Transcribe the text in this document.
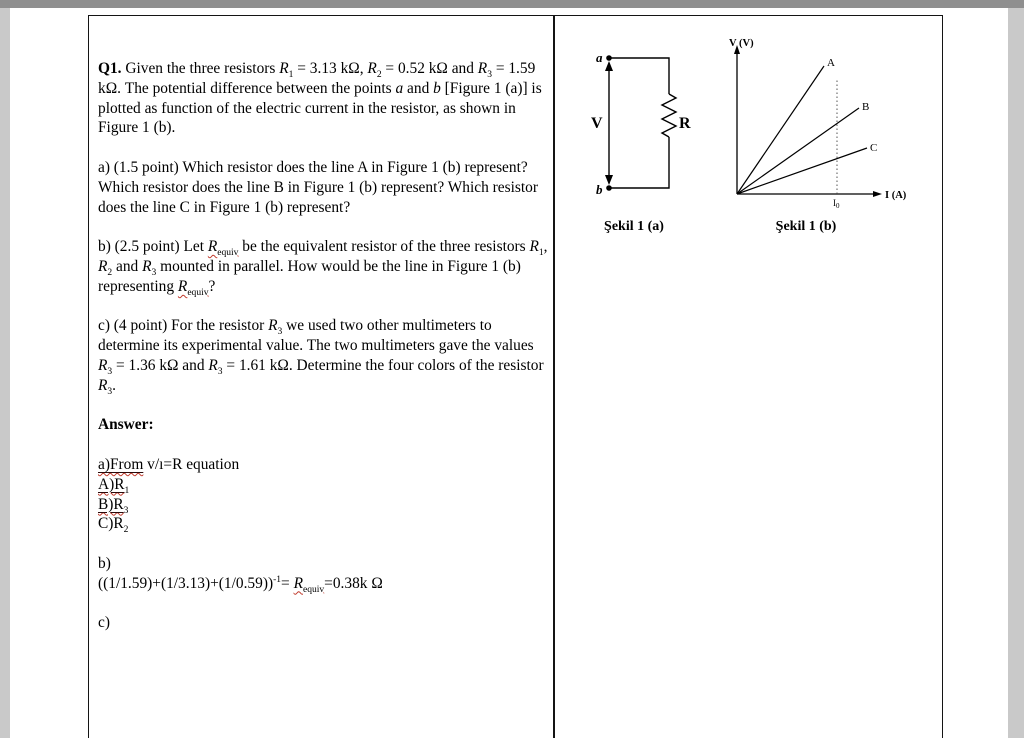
Q1. Given the three resistors $R_1 = 3.13$ kΩ, $R_2 = 0.52$ kΩ and $R_3 = 1.59$ kΩ. The potential difference between the points a and b [Figure 1 (a)] is plotted as function of the electric current in the resistor, as shown in Figure 1 (b).
a) (1.5 point) Which resistor does the line A in Figure 1 (b) represent? Which resistor does the line B in Figure 1 (b) represent? Which resistor does the line C in Figure 1 (b) represent?
b) (2.5 point) Let $R_{equiv}$ be the equivalent resistor of the three resistors $R_1$, $R_2$ and $R_3$ mounted in parallel. How would be the line in Figure 1 (b) representing $R_{equiv}$?
c) (4 point) For the resistor $R_3$ we used two other multimeters to determine its experimental value. The two multimeters gave the values $R_3 = 1.36$ kΩ and $R_3 = 1.61$ kΩ. Determine the four colors of the resistor $R_3$.
Answer:
a)From v/ı=R equation
$A)R_1$
$B)R_3$
$C)R_2$
b)
$((1/1.59)+(1/3.13)+(1/0.59))^{-1}= R_{equiv}=0.38k$ Ω
c)
a
b
V	R
V (V)
I (A)
A
B
C
$I_0$
Şekil 1 (a)	Şekil 1 (b)
